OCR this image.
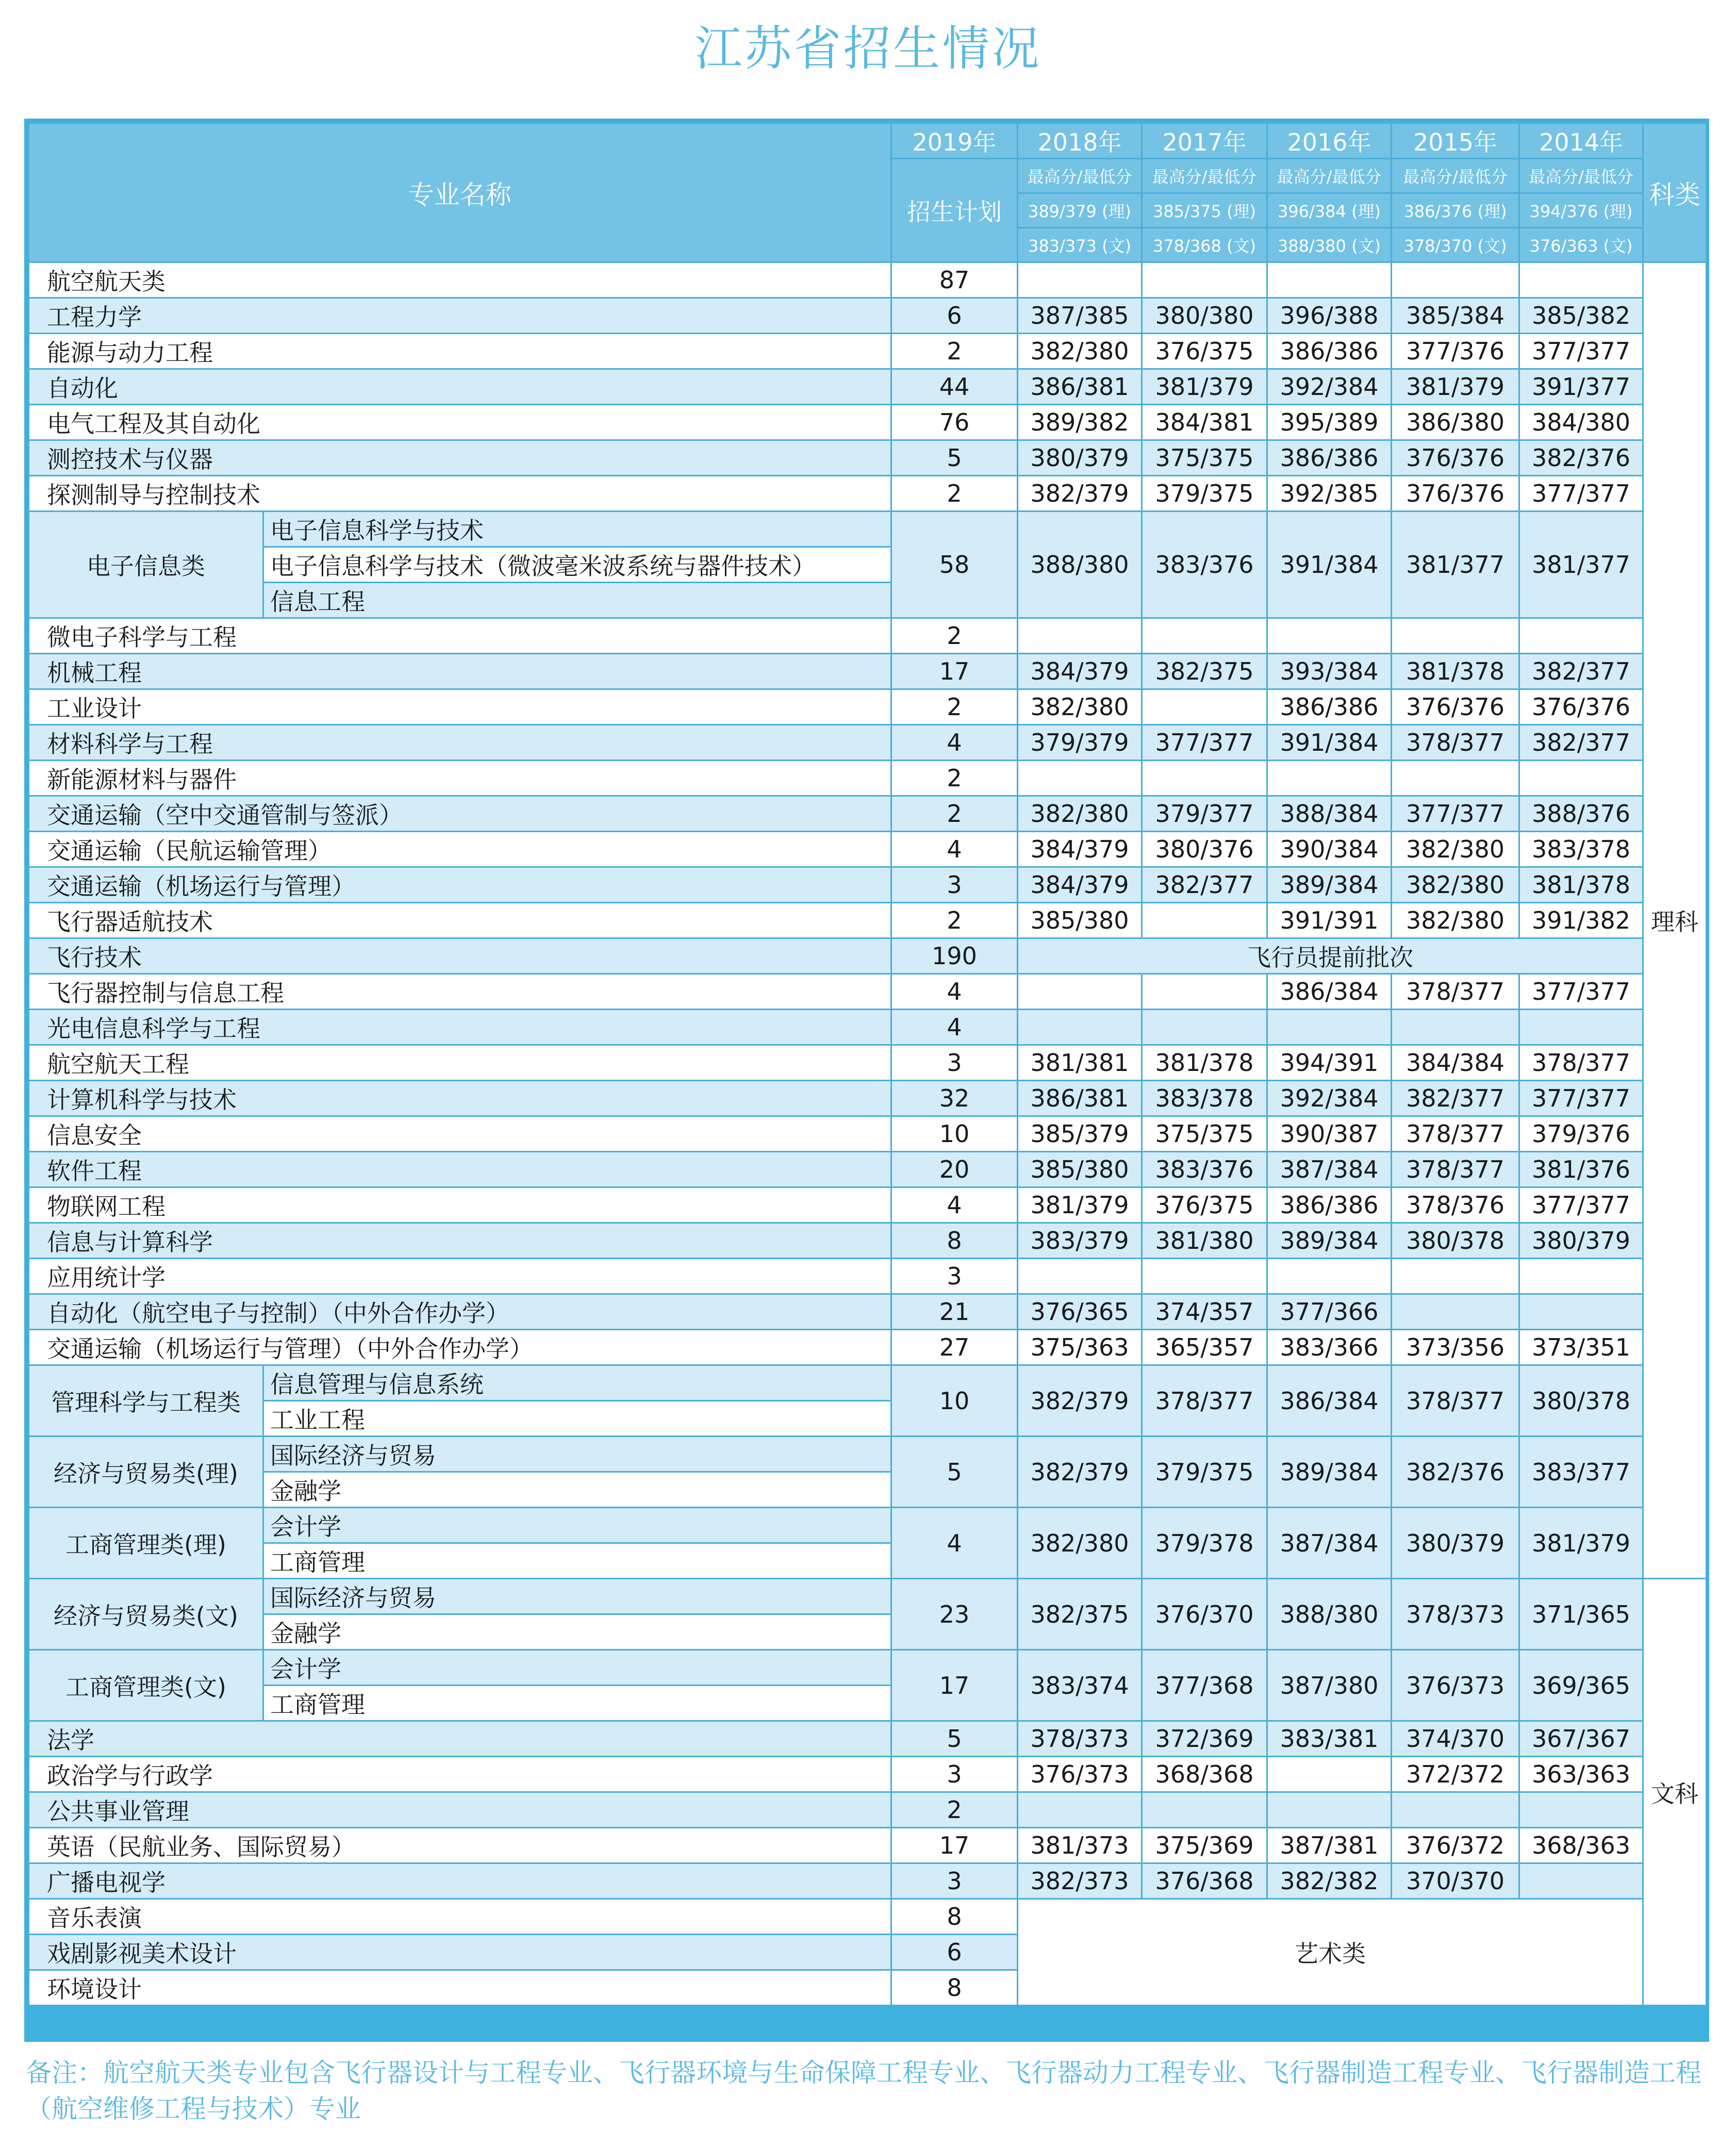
江苏省招生情况
专业名称		2019年	2018年	2017年	2016年	2015年	2014年	科类
		招生计划	最高分/最低分	最高分/最低分	最高分/最低分	最高分/最低分	最高分/最低分	
			389/379 (理)	385/375 (理)	396/384 (理)	386/376 (理)	394/376 (理)	
			383/373 (文)	378/368 (文)	388/380 (文)	378/370 (文)	376/363 (文)	
航空航天类		87						理科
工程力学		6	387/385	380/380	396/388	385/384	385/382	
能源与动力工程		2	382/380	376/375	386/386	377/376	377/377	
自动化		44	386/381	381/379	392/384	381/379	391/377	
电气工程及其自动化		76	389/382	384/381	395/389	386/380	384/380	
测控技术与仪器		5	380/379	375/375	386/386	376/376	382/376	
探测制导与控制技术		2	382/379	379/375	392/385	376/376	377/377	
电子信息类	电子信息科学与技术	58	388/380	383/376	391/384	381/377	381/377	
	电子信息科学与技术（微波毫米波系统与器件技术）							
	信息工程							
微电子科学与工程		2						
机械工程		17	384/379	382/375	393/384	381/378	382/377	
工业设计		2	382/380		386/386	376/376	376/376	
材料科学与工程		4	379/379	377/377	391/384	378/377	382/377	
新能源材料与器件		2						
交通运输（空中交通管制与签派）		2	382/380	379/377	388/384	377/377	388/376	
交通运输（民航运输管理）		4	384/379	380/376	390/384	382/380	383/378	
交通运输（机场运行与管理）		3	384/379	382/377	389/384	382/380	381/378	
飞行器适航技术		2	385/380		391/391	382/380	391/382	
飞行技术		190	飞行员提前批次					
飞行器控制与信息工程		4			386/384	378/377	377/377	
光电信息科学与工程		4						
航空航天工程		3	381/381	381/378	394/391	384/384	378/377	
计算机科学与技术		32	386/381	383/378	392/384	382/377	377/377	
信息安全		10	385/379	375/375	390/387	378/377	379/376	
软件工程		20	385/380	383/376	387/384	378/377	381/376	
物联网工程		4	381/379	376/375	386/386	378/376	377/377	
信息与计算科学		8	383/379	381/380	389/384	380/378	380/379	
应用统计学		3						
自动化（航空电子与控制）（中外合作办学）		21	376/365	374/357	377/366			
交通运输（机场运行与管理）（中外合作办学）		27	375/363	365/357	383/366	373/356	373/351	
管理科学与工程类	信息管理与信息系统	10	382/379	378/377	386/384	378/377	380/378	
	工业工程							
经济与贸易类(理)	国际经济与贸易	5	382/379	379/375	389/384	382/376	383/377	
	金融学							
工商管理类(理)	会计学	4	382/380	379/378	387/384	380/379	381/379	
	工商管理							
经济与贸易类(文)	国际经济与贸易	23	382/375	376/370	388/380	378/373	371/365	文科
	金融学							
工商管理类(文)	会计学	17	383/374	377/368	387/380	376/373	369/365	
	工商管理							
法学		5	378/373	372/369	383/381	374/370	367/367	
政治学与行政学		3	376/373	368/368		372/372	363/363	
公共事业管理		2						
英语（民航业务、国际贸易）		17	381/373	375/369	387/381	376/372	368/363	
广播电视学		3	382/373	376/368	382/382	370/370		
音乐表演		8	艺术类					
戏剧影视美术设计		6						
环境设计		8						
备注：航空航天类专业包含飞行器设计与工程专业、飞行器环境与生命保障工程专业、飞行器动力工程专业、飞行器制造工程专业、飞行器制造工程（航空维修工程与技术）专业
